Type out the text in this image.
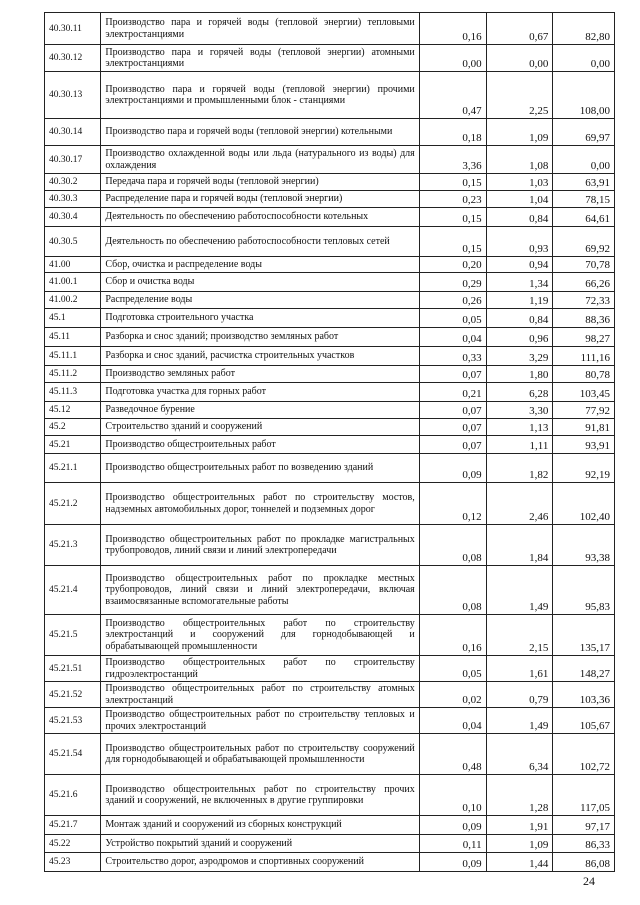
40.30.11	Производство пара и горячей воды (тепловой энергии) тепловыми электростанциями	0,16	0,67	82,80
40.30.12	Производство пара и горячей воды (тепловой энергии) атомными электростанциями	0,00	0,00	0,00
40.30.13	Производство пара и горячей воды (тепловой энергии) прочими электростанциями и промышленными блок - станциями	0,47	2,25	108,00
40.30.14	Производство пара и горячей воды (тепловой энергии) котельными	0,18	1,09	69,97
40.30.17	Производство охлажденной воды или льда (натурального из воды) для охлаждения	3,36	1,08	0,00
40.30.2	Передача пара и горячей воды (тепловой энергии)	0,15	1,03	63,91
40.30.3	Распределение пара и горячей воды (тепловой энергии)	0,23	1,04	78,15
40.30.4	Деятельность по обеспечению работоспособности котельных	0,15	0,84	64,61
40.30.5	Деятельность по обеспечению работоспособности тепловых сетей	0,15	0,93	69,92
41.00	Сбор, очистка и распределение воды	0,20	0,94	70,78
41.00.1	Сбор и очистка воды	0,29	1,34	66,26
41.00.2	Распределение воды	0,26	1,19	72,33
45.1	Подготовка строительного участка	0,05	0,84	88,36
45.11	Разборка и снос зданий; производство земляных работ	0,04	0,96	98,27
45.11.1	Разборка и снос зданий, расчистка строительных участков	0,33	3,29	111,16
45.11.2	Производство земляных работ	0,07	1,80	80,78
45.11.3	Подготовка участка для горных работ	0,21	6,28	103,45
45.12	Разведочное бурение	0,07	3,30	77,92
45.2	Строительство зданий и сооружений	0,07	1,13	91,81
45.21	Производство общестроительных работ	0,07	1,11	93,91
45.21.1	Производство общестроительных работ по возведению зданий	0,09	1,82	92,19
45.21.2	Производство общестроительных работ по строительству мостов, надземных автомобильных дорог, тоннелей и подземных дорог	0,12	2,46	102,40
45.21.3	Производство общестроительных работ по прокладке магистральных трубопроводов, линий связи и линий электропередачи	0,08	1,84	93,38
45.21.4	Производство общестроительных работ по прокладке местных трубопроводов, линий связи и линий электропередачи, включая взаимосвязанные вспомогательные работы	0,08	1,49	95,83
45.21.5	Производство общестроительных работ по строительству электростанций и сооружений для горнодобывающей и обрабатывающей промышленности	0,16	2,15	135,17
45.21.51	Производство общестроительных работ по строительству гидроэлектростанций	0,05	1,61	148,27
45.21.52	Производство общестроительных работ по строительству атомных электростанций	0,02	0,79	103,36
45.21.53	Производство общестроительных работ по строительству тепловых и прочих электростанций	0,04	1,49	105,67
45.21.54	Производство общестроительных работ по строительству сооружений для горнодобывающей и обрабатывающей промышленности	0,48	6,34	102,72
45.21.6	Производство общестроительных работ по строительству прочих зданий и сооружений, не включенных в другие группировки	0,10	1,28	117,05
45.21.7	Монтаж зданий и сооружений из сборных конструкций	0,09	1,91	97,17
45.22	Устройство покрытий зданий и сооружений	0,11	1,09	86,33
45.23	Строительство дорог, аэродромов и спортивных сооружений	0,09	1,44	86,08
24
